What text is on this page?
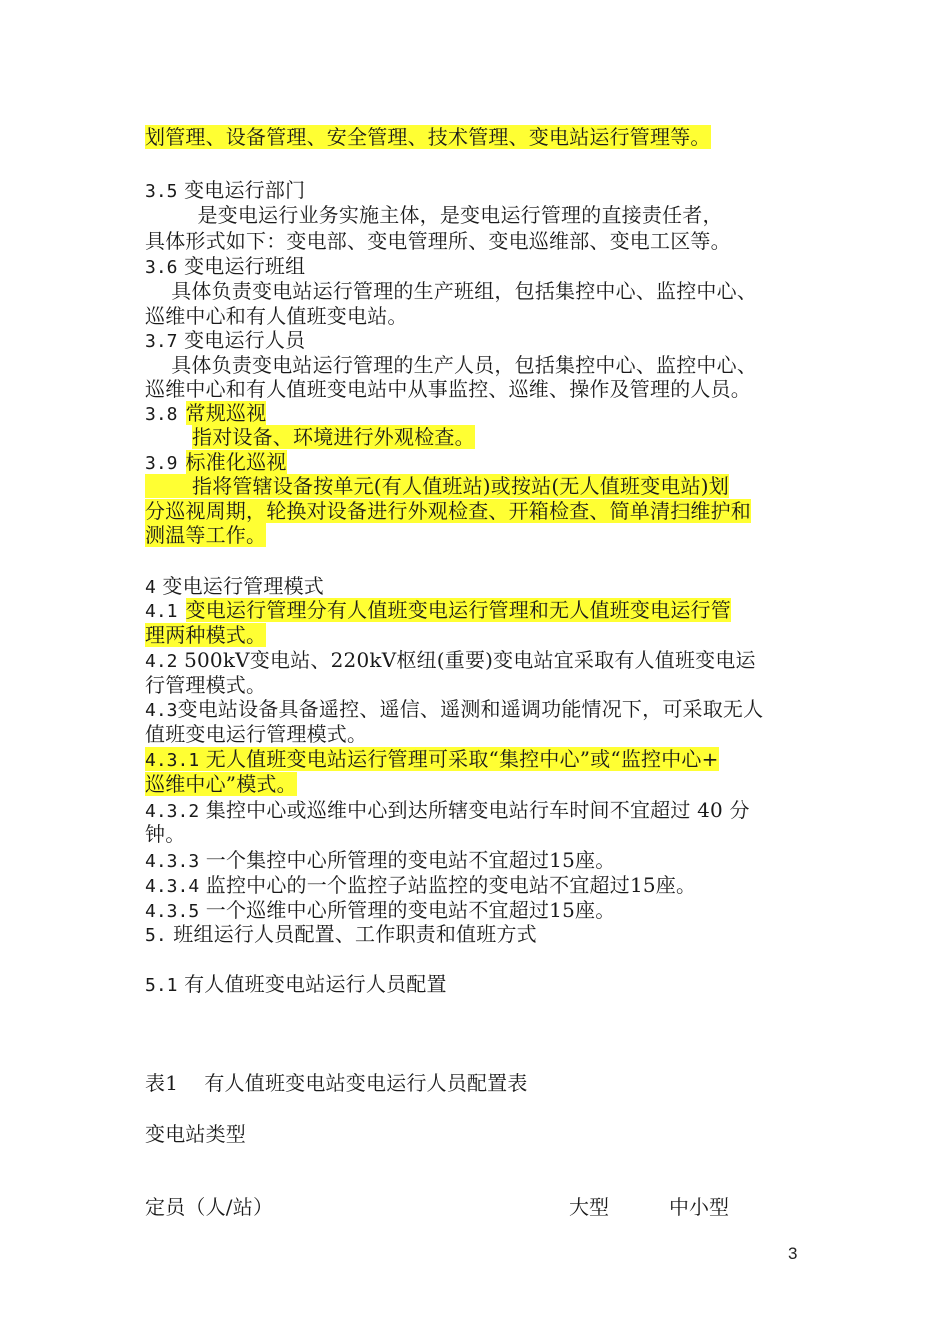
划管理、设备管理、安全管理、技术管理、变电站运行管理等。
3.5 变电运行部门
是变电运行业务实施主体，是变电运行管理的直接责任者，
具体形式如下：变电部、变电管理所、变电巡维部、变电工区等。
3.6 变电运行班组
具体负责变电站运行管理的生产班组，包括集控中心、监控中心、
巡维中心和有人值班变电站。
3.7 变电运行人员
具体负责变电站运行管理的生产人员，包括集控中心、监控中心、
巡维中心和有人值班变电站中从事监控、巡维、操作及管理的人员。
3.8 常规巡视
指对设备、环境进行外观检查。
3.9 标准化巡视
指将管辖设备按单元(有人值班站)或按站(无人值班变电站)划
分巡视周期，轮换对设备进行外观检查、开箱检查、简单清扫维护和
测温等工作。
4 变电运行管理模式
4.1 变电运行管理分有人值班变电运行管理和无人值班变电运行管
理两种模式。
4.2 500kV变电站、220kV枢纽(重要)变电站宜采取有人值班变电运
行管理模式。
4.3变电站设备具备遥控、遥信、遥测和遥调功能情况下，可采取无人
值班变电运行管理模式。
4.3.1 无人值班变电站运行管理可采取“集控中心”或“监控中心+
巡维中心”模式。
4.3.2 集控中心或巡维中心到达所辖变电站行车时间不宜超过 40 分
钟。
4.3.3 一个集控中心所管理的变电站不宜超过15座。
4.3.4 监控中心的一个监控子站监控的变电站不宜超过15座。
4.3.5 一个巡维中心所管理的变电站不宜超过15座。
5. 班组运行人员配置、工作职责和值班方式
5.1 有人值班变电站运行人员配置
表1    有人值班变电站变电运行人员配置表
变电站类型
定员（人/站）	大型	中小型
3
